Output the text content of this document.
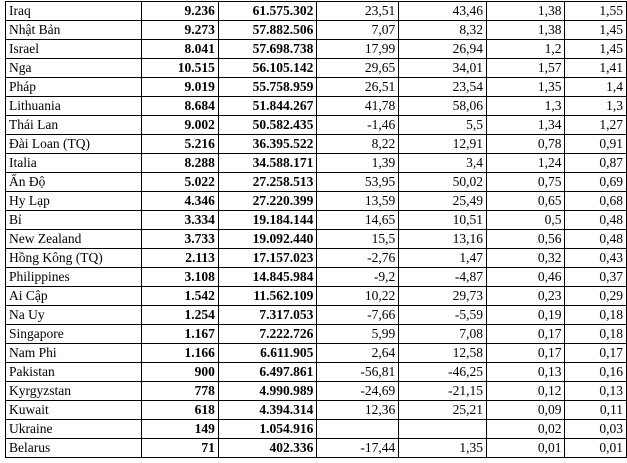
Iraq	9.236	61.575.302	23,51	43,46	1,38	1,55
Nhật Bản	9.273	57.882.506	7,07	8,32	1,38	1,45
Israel	8.041	57.698.738	17,99	26,94	1,2	1,45
Nga	10.515	56.105.142	29,65	34,01	1,57	1,41
Pháp	9.019	55.758.959	26,51	23,54	1,35	1,4
Lithuania	8.684	51.844.267	41,78	58,06	1,3	1,3
Thái Lan	9.002	50.582.435	-1,46	5,5	1,34	1,27
Đài Loan (TQ)	5.216	36.395.522	8,22	12,91	0,78	0,91
Italia	8.288	34.588.171	1,39	3,4	1,24	0,87
Ấn Độ	5.022	27.258.513	53,95	50,02	0,75	0,69
Hy Lạp	4.346	27.220.399	13,59	25,49	0,65	0,68
Bỉ	3.334	19.184.144	14,65	10,51	0,5	0,48
New Zealand	3.733	19.092.440	15,5	13,16	0,56	0,48
Hồng Kông (TQ)	2.113	17.157.023	-2,76	1,47	0,32	0,43
Philippines	3.108	14.845.984	-9,2	-4,87	0,46	0,37
Ai Cập	1.542	11.562.109	10,22	29,73	0,23	0,29
Na Uy	1.254	7.317.053	-7,66	-5,59	0,19	0,18
Singapore	1.167	7.222.726	5,99	7,08	0,17	0,18
Nam Phi	1.166	6.611.905	2,64	12,58	0,17	0,17
Pakistan	900	6.497.861	-56,81	-46,25	0,13	0,16
Kyrgyzstan	778	4.990.989	-24,69	-21,15	0,12	0,13
Kuwait	618	4.394.314	12,36	25,21	0,09	0,11
Ukraine	149	1.054.916			0,02	0,03
Belarus	71	402.336	-17,44	1,35	0,01	0,01
